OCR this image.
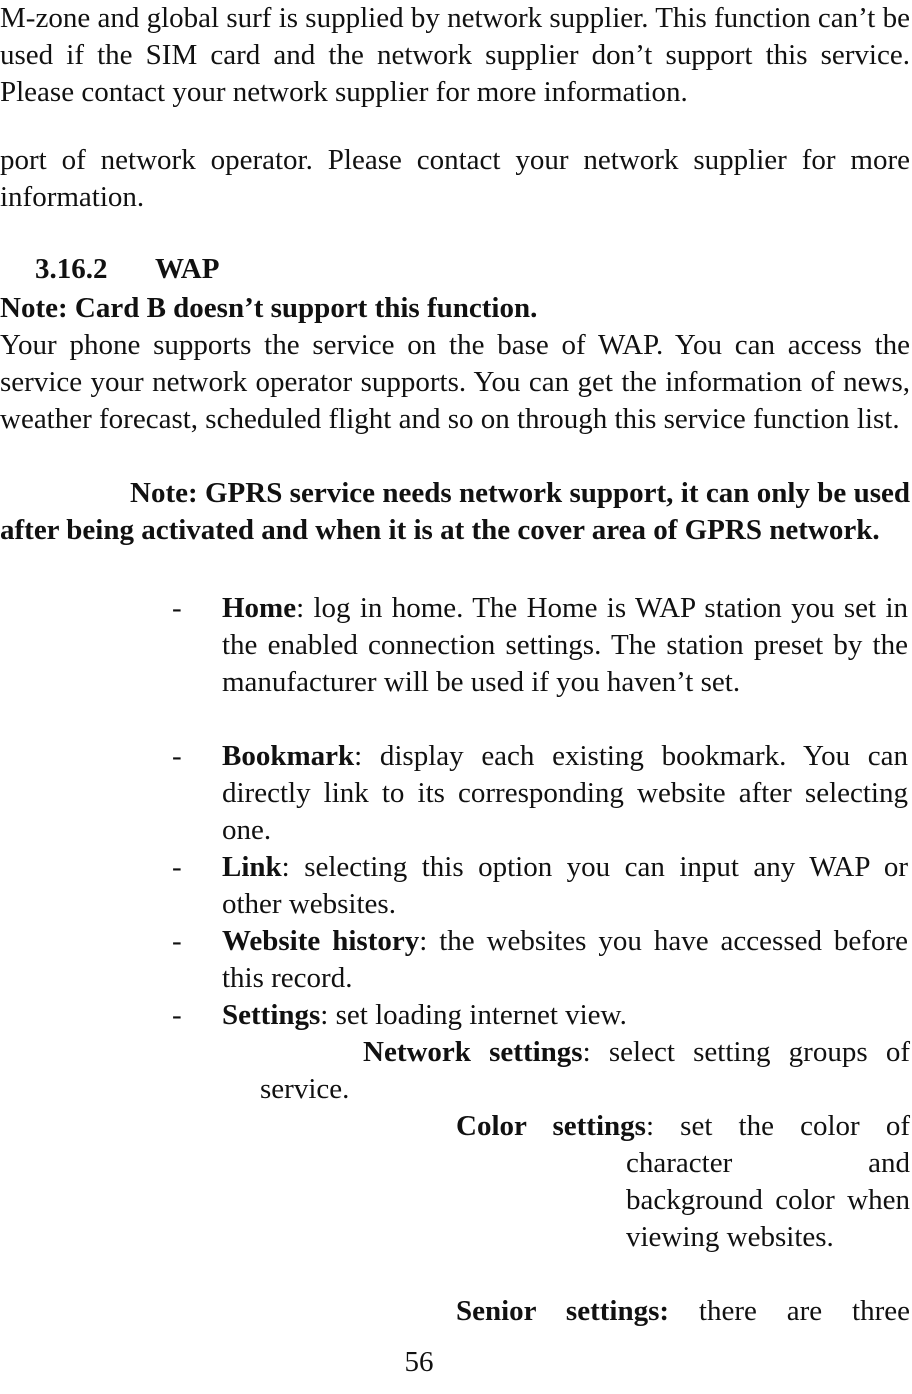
M-zone and global surf is supplied by network supplier. This function can’t be used if the SIM card and the network supplier don’t support this service. Please contact your network supplier for more information.

port of network operator. Please contact your network supplier for more information.

3.16.2 WAP

Note: Card B doesn’t support this function.

Your phone supports the service on the base of WAP. You can access the service your network operator supports. You can get the information of news, weather forecast, scheduled flight and so on through this service function list.

Note: GPRS service needs network support, it can only be used after being activated and when it is at the cover area of GPRS network.

- Home: log in home. The Home is WAP station you set in the enabled connection settings. The station preset by the manufacturer will be used if you haven’t set.

- Bookmark: display each existing bookmark. You can directly link to its corresponding website after selecting one.

- Link: selecting this option you can input any WAP or other websites.

- Website history: the websites you have accessed before this record.

- Settings: set loading internet view.

Network settings: select setting groups of service.

Color settings: set the color of

character and background color when viewing websites.

Senior settings: there are three

56
